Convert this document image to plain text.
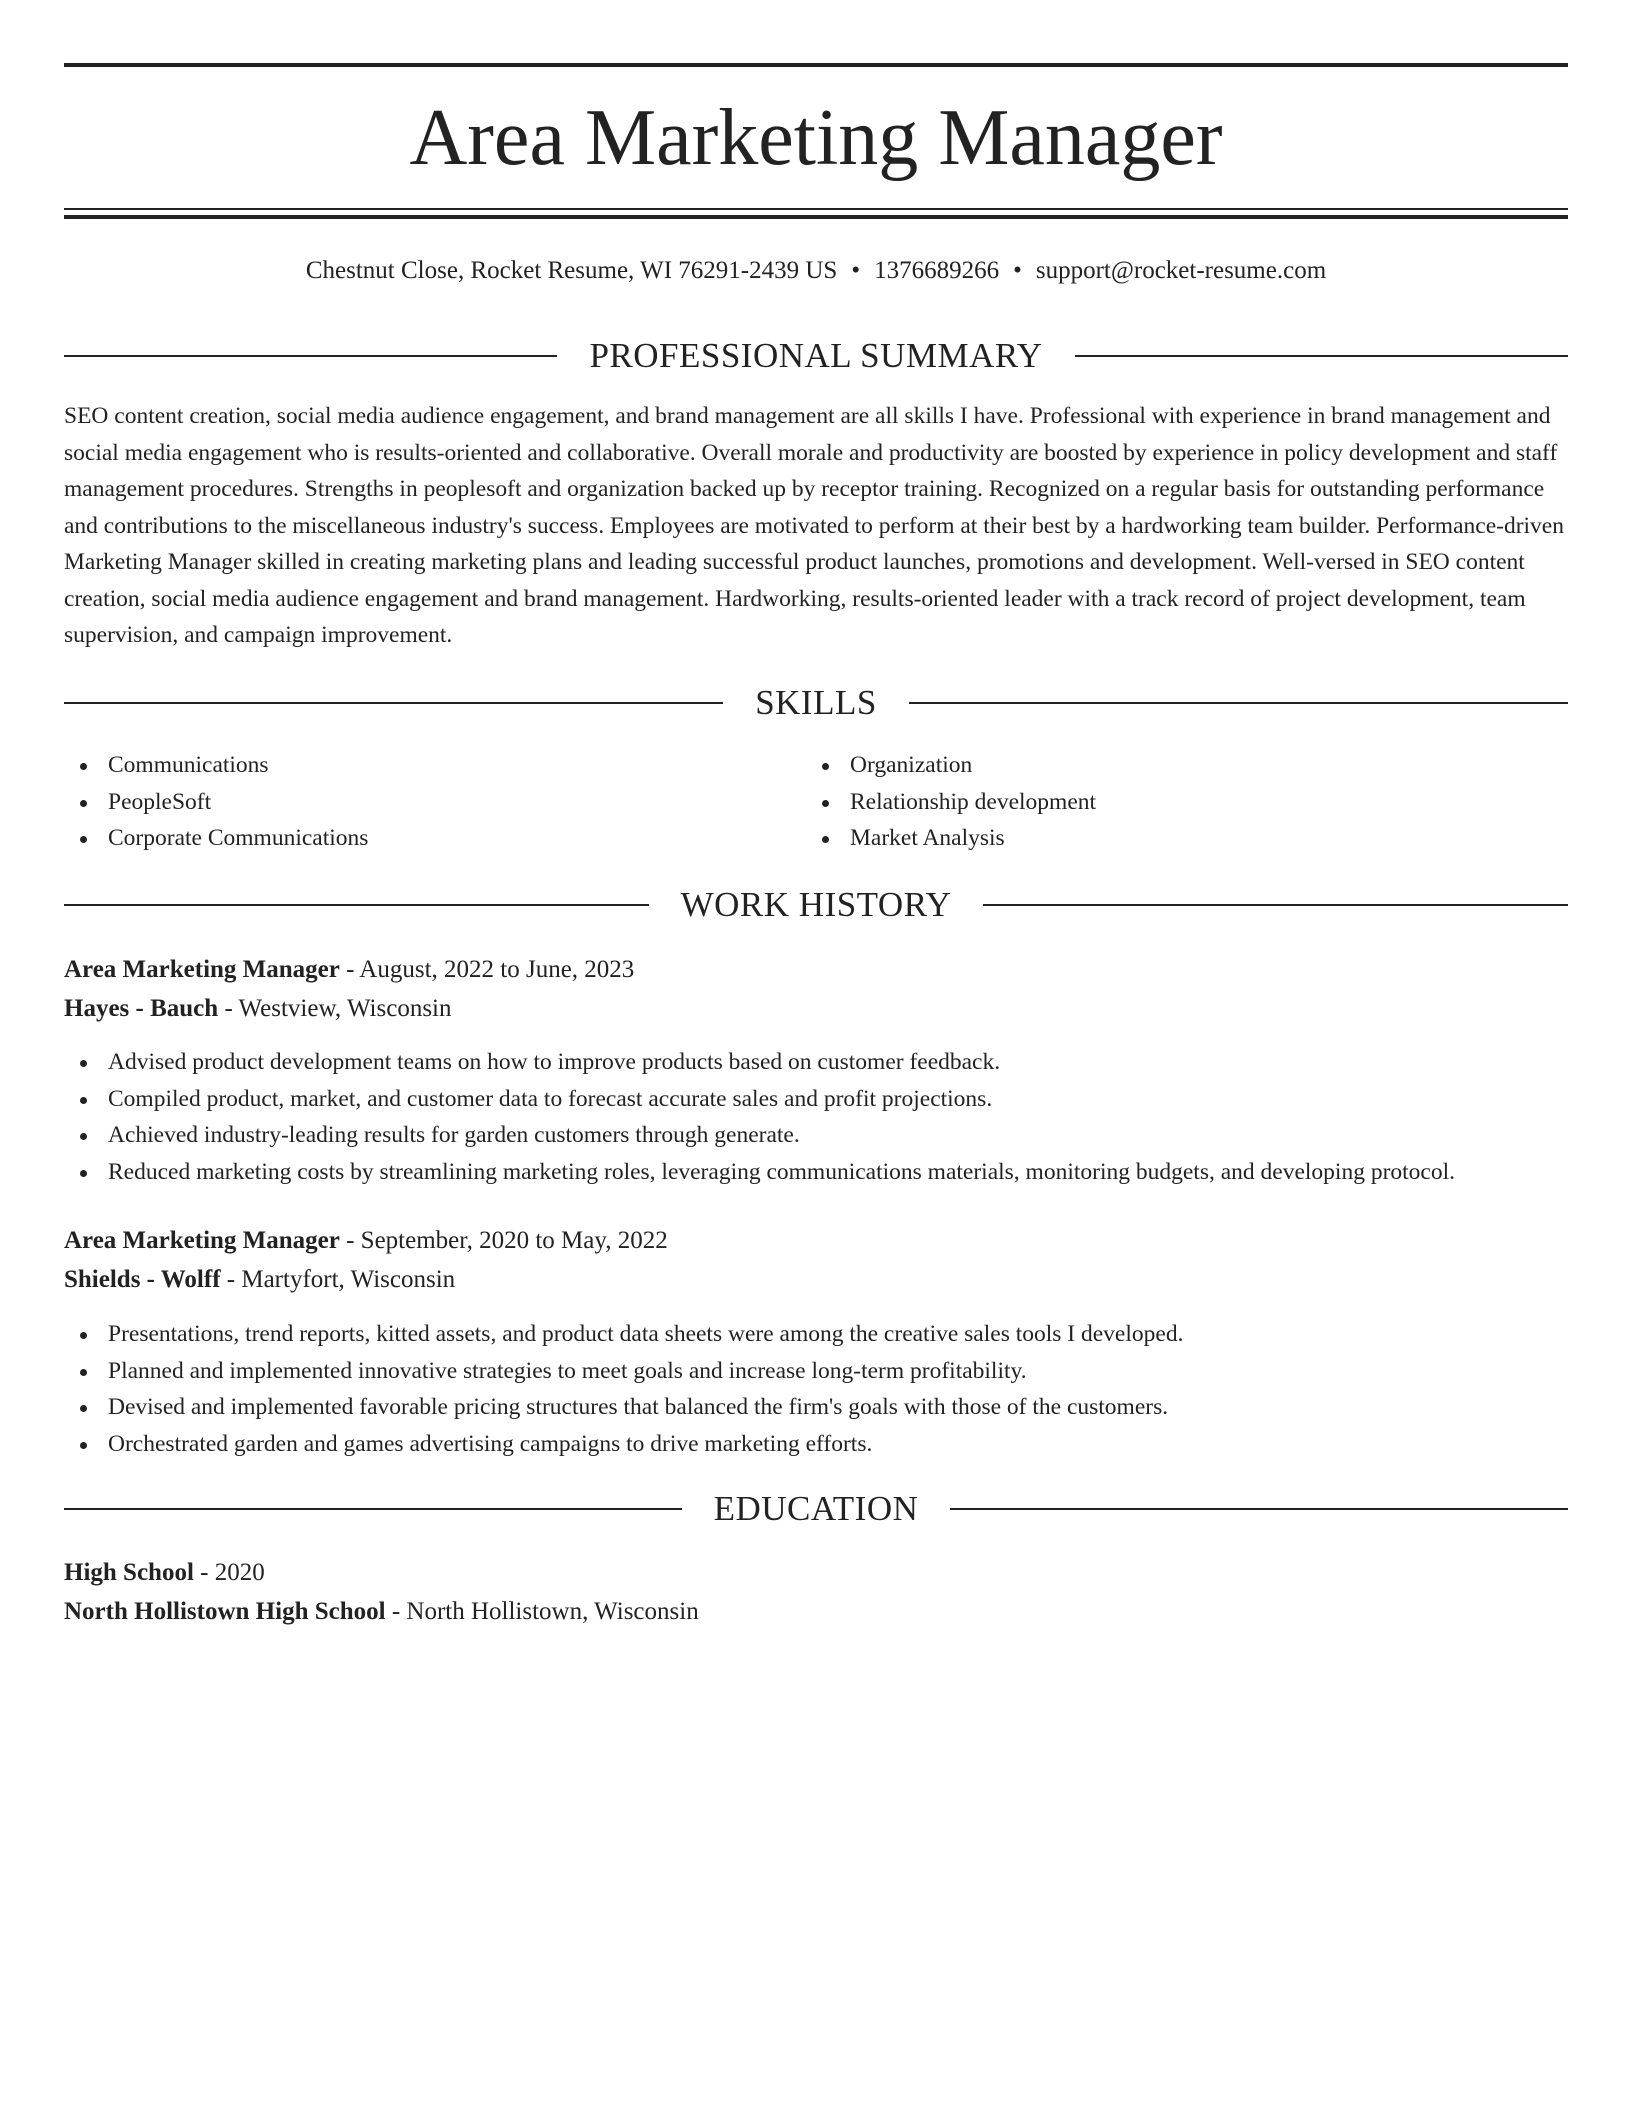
Area Marketing Manager
Chestnut Close, Rocket Resume, WI 76291-2439 US • 1376689266 • support@rocket-resume.com
PROFESSIONAL SUMMARY

SEO content creation, social media audience engagement, and brand management are all skills I have. Professional with experience in brand management and social media engagement who is results-oriented and collaborative. Overall morale and productivity are boosted by experience in policy development and staff management procedures. Strengths in peoplesoft and organization backed up by receptor training. Recognized on a regular basis for outstanding performance and contributions to the miscellaneous industry's success. Employees are motivated to perform at their best by a hardworking team builder. Performance-driven Marketing Manager skilled in creating marketing plans and leading successful product launches, promotions and development. Well-versed in SEO content creation, social media audience engagement and brand management. Hardworking, results-oriented leader with a track record of project development, team supervision, and campaign improvement.

SKILLS
Communications
PeopleSoft
Corporate Communications
Organization
Relationship development
Market Analysis
WORK HISTORY
Area Marketing Manager - August, 2022 to June, 2023
Hayes - Bauch - Westview, Wisconsin
Advised product development teams on how to improve products based on customer feedback.
Compiled product, market, and customer data to forecast accurate sales and profit projections.
Achieved industry-leading results for garden customers through generate.
Reduced marketing costs by streamlining marketing roles, leveraging communications materials, monitoring budgets, and developing protocol.
Area Marketing Manager - September, 2020 to May, 2022
Shields - Wolff - Martyfort, Wisconsin
Presentations, trend reports, kitted assets, and product data sheets were among the creative sales tools I developed.
Planned and implemented innovative strategies to meet goals and increase long-term profitability.
Devised and implemented favorable pricing structures that balanced the firm's goals with those of the customers.
Orchestrated garden and games advertising campaigns to drive marketing efforts.
EDUCATION
High School - 2020
North Hollistown High School - North Hollistown, Wisconsin
